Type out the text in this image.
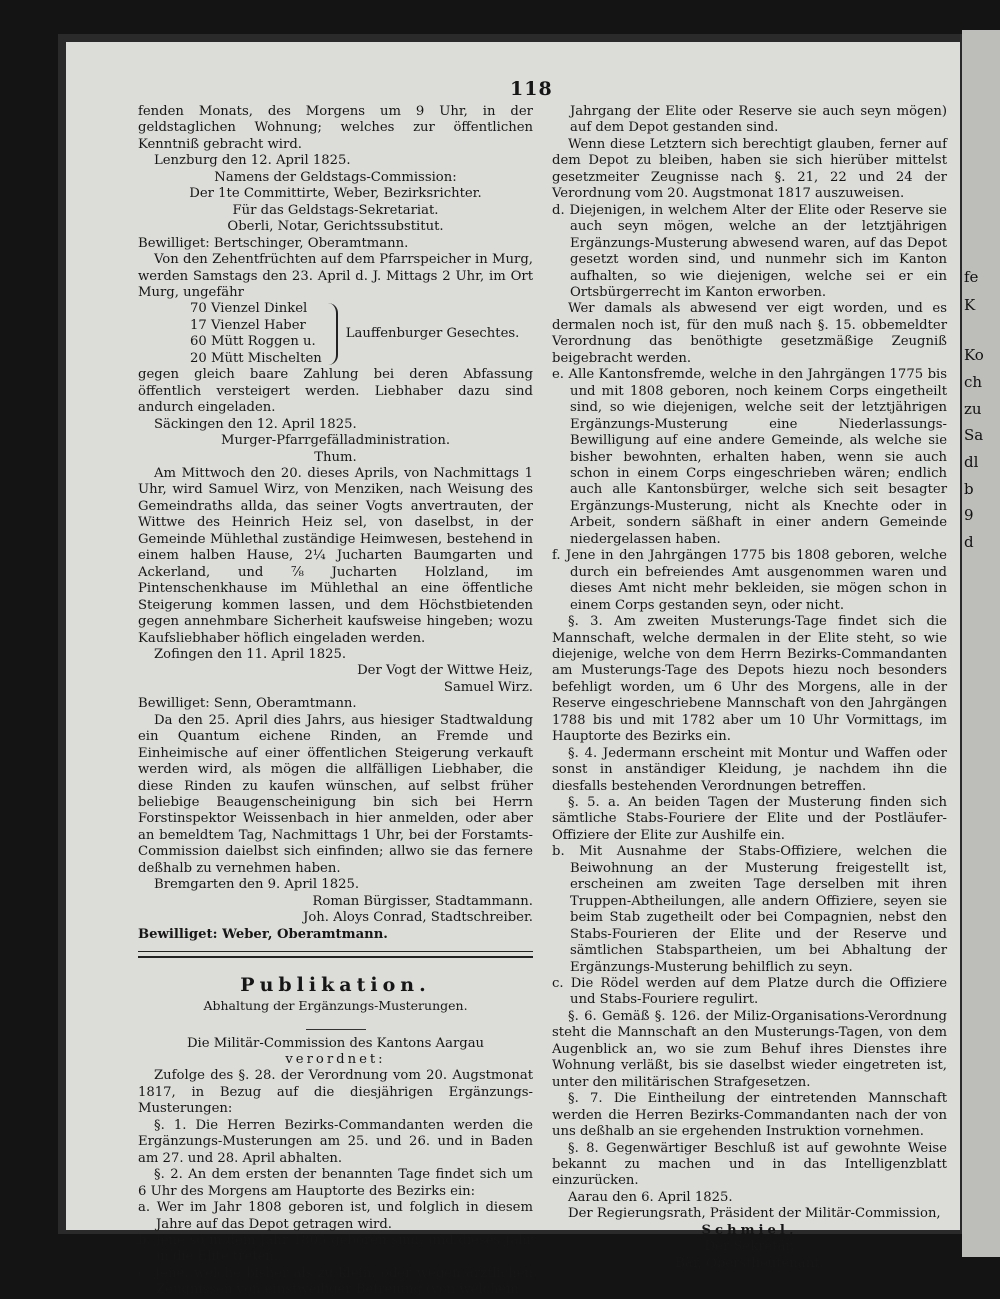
118

fenden Monats, des Morgens um 9 Uhr, in der geldstaglichen Wohnung; welches zur öffentlichen Kenntniß gebracht wird.

Lenzburg den 12. April 1825.

Namens der Geldstags-Commission:

Der 1te Committirte, Weber, Bezirksrichter.

Für das Geldstags-Sekretariat.

Oberli, Notar, Gerichtssubstitut.

Bewilliget: Bertschinger, Oberamtmann.

Von den Zehentfrüchten auf dem Pfarrspeicher in Murg, werden Samstags den 23. April d. J. Mittags 2 Uhr, im Ort Murg, ungefähr

70 Vienzel Dinkel
17 Vienzel Haber
60 Mütt Roggen u.
20 Mütt Mischelten
Lauffenburger Gesechtes.

gegen gleich baare Zahlung bei deren Abfassung öffentlich versteigert werden. Liebhaber dazu sind andurch eingeladen.

Säckingen den 12. April 1825.

Murger-Pfarrgefälladministration.

Thum.

Am Mittwoch den 20. dieses Aprils, von Nachmittags 1 Uhr, wird Samuel Wirz, von Menziken, nach Weisung des Gemeindraths allda, das seiner Vogts anvertrauten, der Wittwe des Heinrich Heiz sel, von daselbst, in der Gemeinde Mühlethal zuständige Heimwesen, bestehend in einem halben Hause, 2¼ Jucharten Baumgarten und Ackerland, und ⅞ Jucharten Holzland, im Pintenschenkhause im Mühlethal an eine öffentliche Steigerung kommen lassen, und dem Höchstbietenden gegen annehmbare Sicherheit kaufsweise hingeben; wozu Kaufsliebhaber höflich eingeladen werden.

Zofingen den 11. April 1825.

Der Vogt der Wittwe Heiz,

Samuel Wirz.

Bewilliget: Senn, Oberamtmann.

Da den 25. April dies Jahrs, aus hiesiger Stadtwaldung ein Quantum eichene Rinden, an Fremde und Einheimische auf einer öffentlichen Steigerung verkauft werden wird, als mögen die allfälligen Liebhaber, die diese Rinden zu kaufen wünschen, auf selbst früher beliebige Beaugenscheinigung bin sich bei Herrn Forstinspektor Weissenbach in hier anmelden, oder aber an bemeldtem Tag, Nachmittags 1 Uhr, bei der Forstamts-Commission daielbst sich einfinden; allwo sie das fernere deßhalb zu vernehmen haben.

Bremgarten den 9. April 1825.

Roman Bürgisser, Stadtammann.

Joh. Aloys Conrad, Stadtschreiber.

Bewilliget: Weber, Oberamtmann.

Publikation.
Abhaltung der Ergänzungs-Musterungen.

Die Militär-Commission des Kantons Aargau

verordnet:

Zufolge des §. 28. der Verordnung vom 20. Augstmonat 1817, in Bezug auf die diesjährigen Ergänzungs-Musterungen:

§. 1. Die Herren Bezirks-Commandanten werden die Ergänzungs-Musterungen am 25. und 26. und in Baden am 27. und 28. April abhalten.

§. 2. An dem ersten der benannten Tage findet sich um 6 Uhr des Morgens am Hauptorte des Bezirks ein:

a. Wer im Jahr 1808 geboren ist, und folglich in diesem Jahre auf das Depot getragen wird.

b. Jene so in dem Jahr 1805 geboren sind, und dieses Jahr in die Elite treten.

c. Jene, welche bisher als zu klein, oder wegen ärztlichen Zeugnissen von einstweiliger Befreiung (von welchem

Jahrgang der Elite oder Reserve sie auch seyn mögen) auf dem Depot gestanden sind.

Wenn diese Letztern sich berechtigt glauben, ferner auf dem Depot zu bleiben, haben sie sich hierüber mittelst gesetzmeiter Zeugnisse nach §. 21, 22 und 24 der Verordnung vom 20. Augstmonat 1817 auszuweisen.

d. Diejenigen, in welchem Alter der Elite oder Reserve sie auch seyn mögen, welche an der letztjährigen Ergänzungs-Musterung abwesend waren, auf das Depot gesetzt worden sind, und nunmehr sich im Kanton aufhalten, so wie diejenigen, welche sei er ein Ortsbürgerrecht im Kanton erworben.

Wer damals als abwesend ver eigt worden, und es dermalen noch ist, für den muß nach §. 15. obbemeldter Verordnung das benöthigte gesetzmäßige Zeugniß beigebracht werden.

e. Alle Kantonsfremde, welche in den Jahrgängen 1775 bis und mit 1808 geboren, noch keinem Corps eingetheilt sind, so wie diejenigen, welche seit der letztjährigen Ergänzungs-Musterung eine Niederlassungs-Bewilligung auf eine andere Gemeinde, als welche sie bisher bewohnten, erhalten haben, wenn sie auch schon in einem Corps eingeschrieben wären; endlich auch alle Kantonsbürger, welche sich seit besagter Ergänzungs-Musterung, nicht als Knechte oder in Arbeit, sondern säßhaft in einer andern Gemeinde niedergelassen haben.

f. Jene in den Jahrgängen 1775 bis 1808 geboren, welche durch ein befreiendes Amt ausgenommen waren und dieses Amt nicht mehr bekleiden, sie mögen schon in einem Corps gestanden seyn, oder nicht.

§. 3. Am zweiten Musterungs-Tage findet sich die Mannschaft, welche dermalen in der Elite steht, so wie diejenige, welche von dem Herrn Bezirks-Commandanten am Musterungs-Tage des Depots hiezu noch besonders befehligt worden, um 6 Uhr des Morgens, alle in der Reserve eingeschriebene Mannschaft von den Jahrgängen 1788 bis und mit 1782 aber um 10 Uhr Vormittags, im Hauptorte des Bezirks ein.

§. 4. Jedermann erscheint mit Montur und Waffen oder sonst in anständiger Kleidung, je nachdem ihn die diesfalls bestehenden Verordnungen betreffen.

§. 5. a. An beiden Tagen der Musterung finden sich sämtliche Stabs-Fouriere der Elite und der Postläufer-Offiziere der Elite zur Aushilfe ein.

b. Mit Ausnahme der Stabs-Offiziere, welchen die Beiwohnung an der Musterung freigestellt ist, erscheinen am zweiten Tage derselben mit ihren Truppen-Abtheilungen, alle andern Offiziere, seyen sie beim Stab zugetheilt oder bei Compagnien, nebst den Stabs-Fourieren der Elite und der Reserve und sämtlichen Stabspartheien, um bei Abhaltung der Ergänzungs-Musterung behilflich zu seyn.

c. Die Rödel werden auf dem Platze durch die Offiziere und Stabs-Fouriere regulirt.

§. 6. Gemäß §. 126. der Miliz-Organisations-Verordnung steht die Mannschaft an den Musterungs-Tagen, von dem Augenblick an, wo sie zum Behuf ihres Dienstes ihre Wohnung verläßt, bis sie daselbst wieder eingetreten ist, unter den militärischen Strafgesetzen.

§. 7. Die Eintheilung der eintretenden Mannschaft werden die Herren Bezirks-Commandanten nach der von uns deßhalb an sie ergehenden Instruktion vornehmen.

§. 8. Gegenwärtiger Beschluß ist auf gewohnte Weise bekannt zu machen und in das Intelligenzblatt einzurücken.

Aarau den 6. April 1825.

Der Regierungsrath, Präsident der Militär-Commission,

Schmiel,

Der Sekretär,

Bär, Oberstlieutenant.

fe
K
Ko
ch
zu
Sa
dl
b
9
d
